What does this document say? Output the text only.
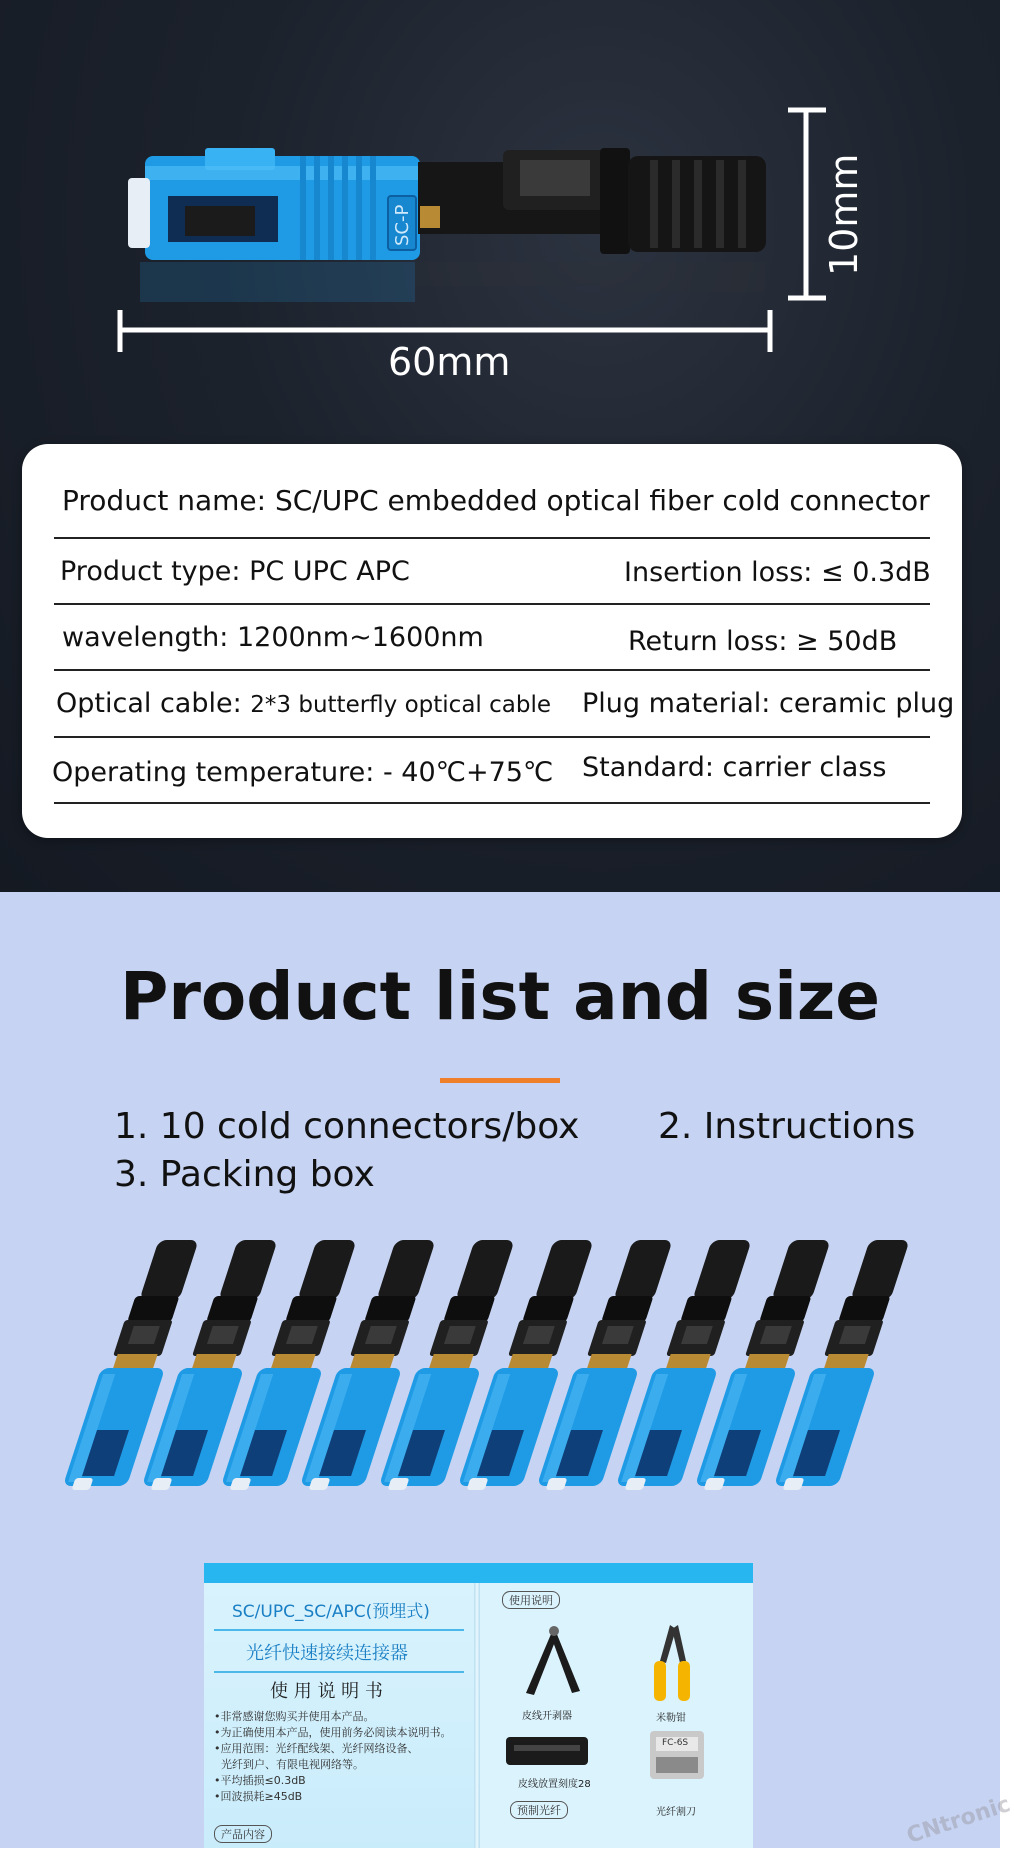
SC-P
60mm
10mm
Product name: SC/UPC embedded optical fiber cold connector
Product type: PC UPC APC	Insertion loss: ≤ 0.3dB
wavelength: 1200nm~1600nm	Return loss: ≥ 50dB
Optical cable: 2*3 butterfly optical cable Plug material: ceramic plug
Operating temperature: - 40℃+75℃ Standard: carrier class
Product list and size
1. 10 cold connectors/box 2. Instructions
3. Packing box
SC/UPC_SC/APC(预埋式)
光纤快速接续连接器
使 用 说 明 书
•非常感谢您购买并使用本产品。
•为正确使用本产品，使用前务必阅读本说明书。
•应用范围：光纤配线架、光纤网络设备、
光纤到户、有限电视网络等。
•平均插损≤0.3dB
•回波损耗≥45dB
产品内容
使用说明
皮线开剥器	米勒钳
皮线放置刻度28
FC-6S
预制光纤	光纤割刀	CNtronic
